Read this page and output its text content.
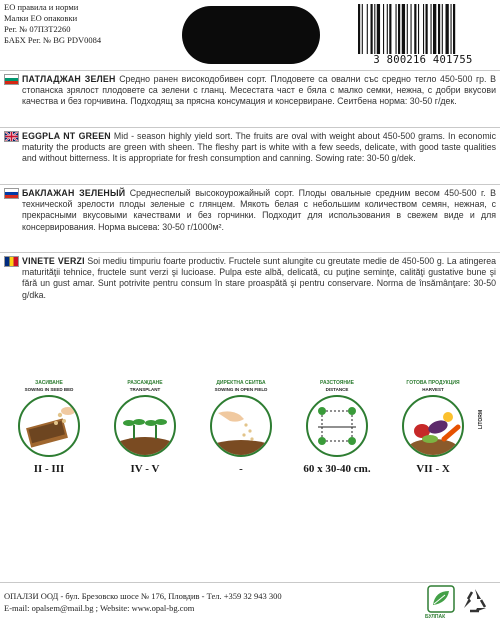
ЕО правила и норми
Малки ЕО опаковки
Рег. № 07ПЗТ2260
БАБХ Рег. № BG PDV0084
3 800216 401755
ПАТЛАДЖАН ЗЕЛЕН Средно ранен високодобивен сорт. Плодовете са овални със средно тегло 450-500 гр. В стопанска зрялост плодовете са зелени с гланц. Месестата част е бяла с малко семки, нежна, с добри вкусови качества и без горчивина. Подходящ за прясна консумация и консервиране. Сеитбена норма: 30-50 г/дек.
EGGPLA NT GREEN Mid - season highly yield sort. The fruits are oval with weight about 450-500 grams. In economic maturity the products are green with sheen. The fleshy part is white with a few seeds, delicate, with good taste qualities and without bitterness. It is appropriate for fresh consumption and canning. Sowing rate: 30-50 g/dek.
БАКЛАЖАН ЗЕЛЕНЫЙ Среднеспелый высокоурожайный сорт. Плоды овальные средним весом 450-500 г. В технической зрелости плоды зеленые с глянцем. Мякоть белая с небольшим количеством семян, нежная, с прекрасными вкусовыми качествами и без горчинки. Подходит для использования в свежем виде и для консервирования. Норма высева: 30-50 г/1000м².
VINETE VERZI Soi mediu timpuriu foarte productiv. Fructele sunt alungite cu greutate medie de 450-500 g. La atingerea maturităţii tehnice, fructele sunt verzi şi lucioase. Pulpa este albă, delicată, cu puţine seminţe, calităţi gustative bune şi fără un gust amar. Sunt potrivite pentru consum în stare proaspătă şi pentru conservare. Norma de însămânţare: 30-50 g/dka.
ЗАСИВАНЕ
SOWING IN SEED BED
II - III
РАЗСАЖДАНЕ
TRANSPLANT
IV - V
ДИРЕКТНА СЕИТБА
SOWING IN OPEN FIELD
-
РАЗСТОЯНИЕ
DISTANCE
60 x 30-40 cm.
ГОТОВА ПРОДУКЦИЯ
HARVEST
VII - X
LITORM
ОПАЛЗИ ООД - бул. Брезовско шосе № 176, Пловдив - Тел. +359 32 943 300
E-mail: opalsem@mail.bg ; Website: www.opal-bg.com
БУЛПАК
